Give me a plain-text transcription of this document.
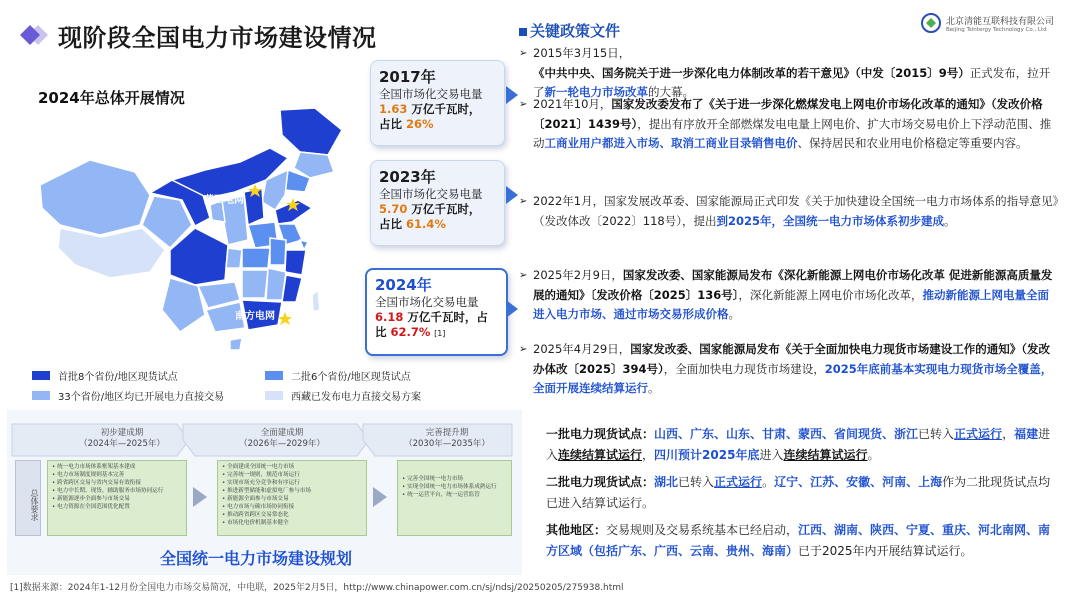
现阶段全国电力市场建设情况
北京清能互联科技有限公司
Beijing Tsintergy Technology Co., Ltd
2024年总体开展情况
蒙西电网
南方电网
首批8个省份/地区现货试点	二批6个省份/地区现货试点
33个省份/地区均已开展电力直接交易	西藏已发布电力直接交易方案
2017年
全国市场化交易电量
1.63 万亿千瓦时，
占比 26%
2023年
全国市场化交易电量
5.70 万亿千瓦时，
占比 61.4%
2024年
全国市场化交易电量
6.18 万亿千瓦时，占
比 62.7% [1]
关键政策文件
➢ 2015年3月15日，《中共中央、国务院关于进一步深化电力体制改革的若干意见》（中发〔2015〕9号）正式发布，拉开了新一轮电力市场改革的大幕。
➢ 2021年10月，国家发改委发布了《关于进一步深化燃煤发电上网电价市场化改革的通知》（发改价格〔2021〕1439号），提出有序放开全部燃煤发电电量上网电价、扩大市场交易电价上下浮动范围、推动工商业用户都进入市场、取消工商业目录销售电价、保持居民和农业用电价格稳定等重要内容。
➢ 2022年1月，国家发展改革委、国家能源局正式印发《关于加快建设全国统一电力市场体系的指导意见》（发改体改〔2022〕118号），提出到2025年，全国统一电力市场体系初步建成。
➢ 2025年2月9日，国家发改委、国家能源局发布《深化新能源上网电价市场化改革 促进新能源高质量发展的通知》〔发改价格〔2025〕136号〕，深化新能源上网电价市场化改革，推动新能源上网电量全面进入电力市场、通过市场交易形成价格。
➢ 2025年4月29日，国家发改委、国家能源局发布《关于全面加快电力现货市场建设工作的通知》（发改办体改〔2025〕394号），全面加快电力现货市场建设，2025年底前基本实现电力现货市场全覆盖，全面开展连续结算运行。
初步建成期
（2024年—2025年）
全面建成期
（2026年—2029年）
完善提升期
（2030年—2035年）
总体要求
• 统一电力市场体系框架基本建成
• 电力市场制度规则基本完善
• 跨省跨区交易与省内交易有效衔接
• 电力中长期、现货、辅助服务市场协同运行
• 新能源逐步全面参与市场交易
• 电力资源在全国范围优化配置
• 全面建成全国统一电力市场
• 完善统一规则，规范市场运行
• 实现市场充分竞争和有序运行
• 推进新型储能和虚拟电厂参与市场
• 新能源全面参与市场交易
• 电力市场与碳市场协同衔接
• 推动跨省跨区交易常态化
• 市场化电价机制基本健全
• 完善全国统一电力市场
• 实现全国统一电力市场体系成熟运行
• 统一运营平台，统一运营监管
全国统一电力市场建设规划
一批电力现货试点：山西、广东、山东、甘肃、蒙西、省间现货、浙江已转入正式运行，福建进入连续结算试运行，四川预计2025年底进入连续结算试运行。
二批电力现货试点：湖北已转入正式运行。辽宁、江苏、安徽、河南、上海作为二批现货试点均已进入结算试运行。
其他地区：交易规则及交易系统基本已经启动，江西、湖南、陕西、宁夏、重庆、河北南网、南方区域（包括广东、广西、云南、贵州、海南）已于2025年内开展结算试运行。
[1]数据来源：2024年1-12月份全国电力市场交易简况，中电联，2025年2月5日，http://www.chinapower.com.cn/sj/ndsj/20250205/275938.html
